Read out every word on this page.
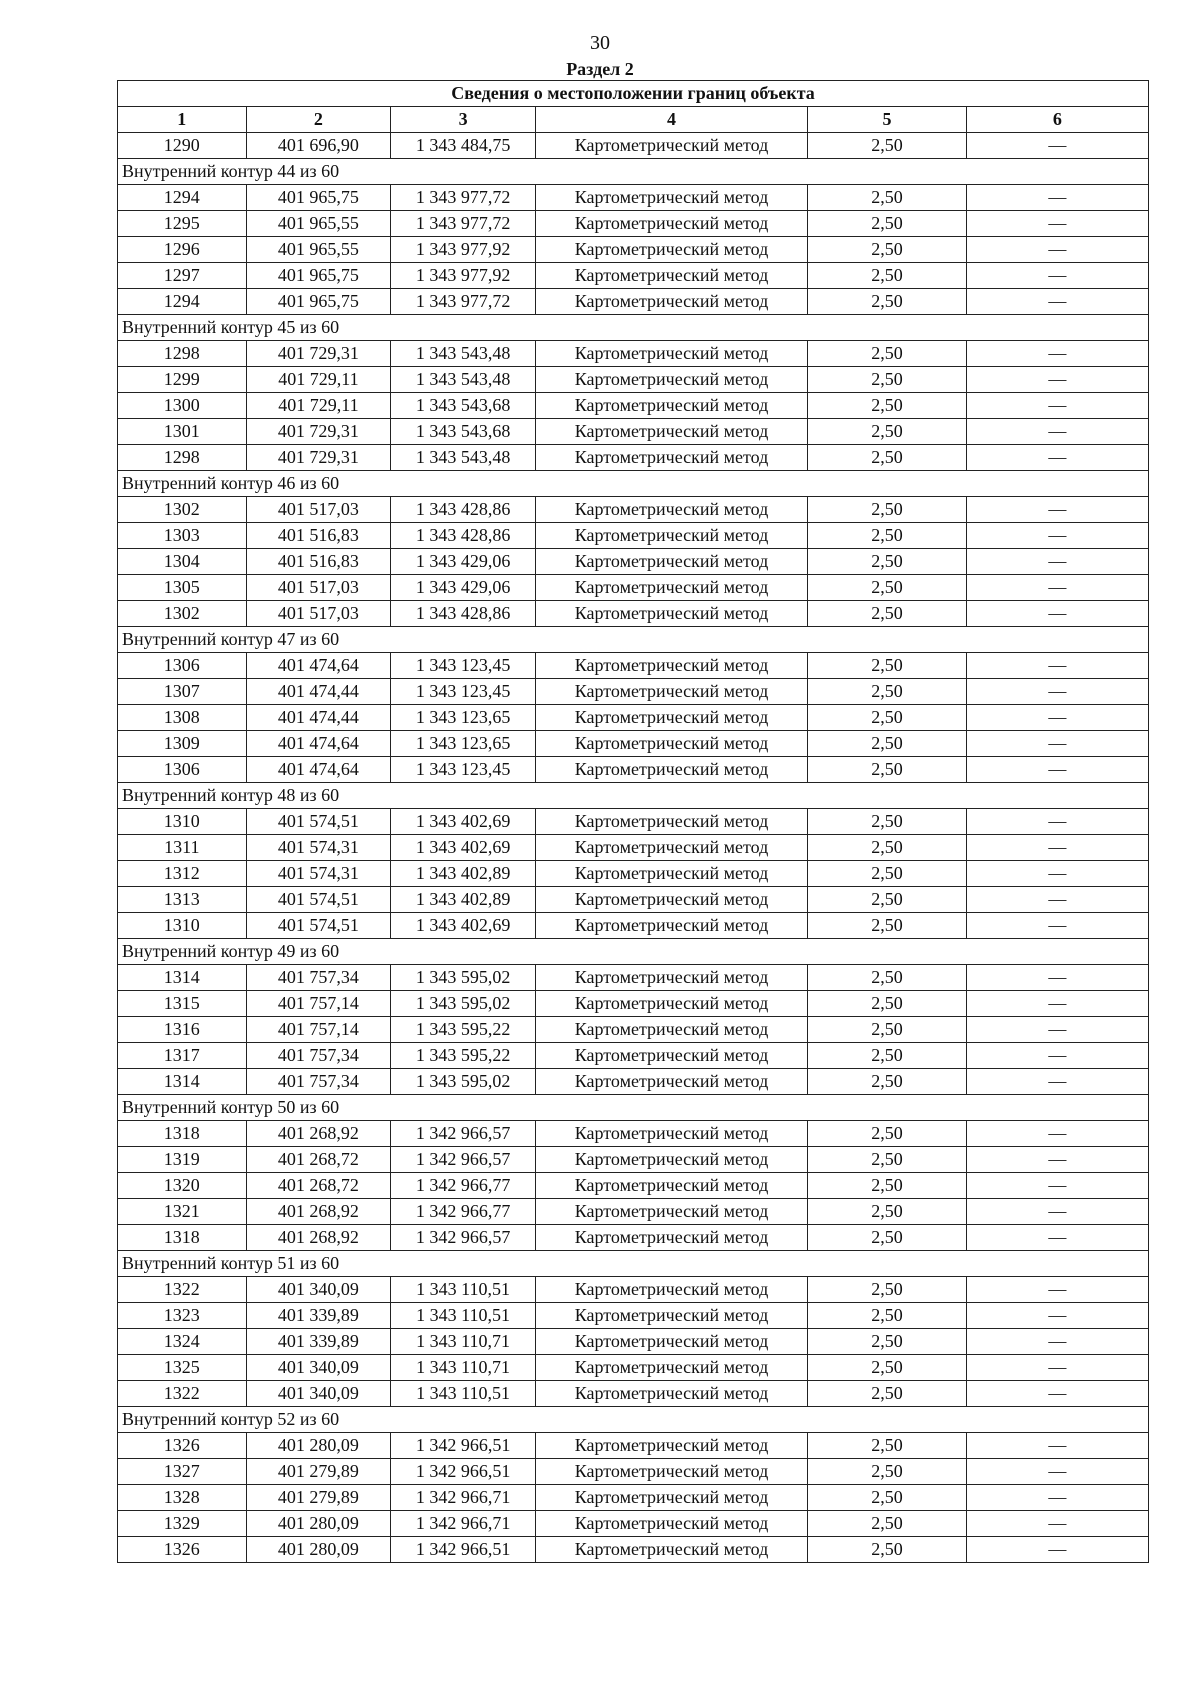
30
Раздел 2
Сведения о местоположении границ объекта					
1	2	3	4	5	6
1290	401 696,90	1 343 484,75	Картометрический метод	2,50	—
Внутренний контур 44 из 60					
1294	401 965,75	1 343 977,72	Картометрический метод	2,50	—
1295	401 965,55	1 343 977,72	Картометрический метод	2,50	—
1296	401 965,55	1 343 977,92	Картометрический метод	2,50	—
1297	401 965,75	1 343 977,92	Картометрический метод	2,50	—
1294	401 965,75	1 343 977,72	Картометрический метод	2,50	—
Внутренний контур 45 из 60					
1298	401 729,31	1 343 543,48	Картометрический метод	2,50	—
1299	401 729,11	1 343 543,48	Картометрический метод	2,50	—
1300	401 729,11	1 343 543,68	Картометрический метод	2,50	—
1301	401 729,31	1 343 543,68	Картометрический метод	2,50	—
1298	401 729,31	1 343 543,48	Картометрический метод	2,50	—
Внутренний контур 46 из 60					
1302	401 517,03	1 343 428,86	Картометрический метод	2,50	—
1303	401 516,83	1 343 428,86	Картометрический метод	2,50	—
1304	401 516,83	1 343 429,06	Картометрический метод	2,50	—
1305	401 517,03	1 343 429,06	Картометрический метод	2,50	—
1302	401 517,03	1 343 428,86	Картометрический метод	2,50	—
Внутренний контур 47 из 60					
1306	401 474,64	1 343 123,45	Картометрический метод	2,50	—
1307	401 474,44	1 343 123,45	Картометрический метод	2,50	—
1308	401 474,44	1 343 123,65	Картометрический метод	2,50	—
1309	401 474,64	1 343 123,65	Картометрический метод	2,50	—
1306	401 474,64	1 343 123,45	Картометрический метод	2,50	—
Внутренний контур 48 из 60					
1310	401 574,51	1 343 402,69	Картометрический метод	2,50	—
1311	401 574,31	1 343 402,69	Картометрический метод	2,50	—
1312	401 574,31	1 343 402,89	Картометрический метод	2,50	—
1313	401 574,51	1 343 402,89	Картометрический метод	2,50	—
1310	401 574,51	1 343 402,69	Картометрический метод	2,50	—
Внутренний контур 49 из 60					
1314	401 757,34	1 343 595,02	Картометрический метод	2,50	—
1315	401 757,14	1 343 595,02	Картометрический метод	2,50	—
1316	401 757,14	1 343 595,22	Картометрический метод	2,50	—
1317	401 757,34	1 343 595,22	Картометрический метод	2,50	—
1314	401 757,34	1 343 595,02	Картометрический метод	2,50	—
Внутренний контур 50 из 60					
1318	401 268,92	1 342 966,57	Картометрический метод	2,50	—
1319	401 268,72	1 342 966,57	Картометрический метод	2,50	—
1320	401 268,72	1 342 966,77	Картометрический метод	2,50	—
1321	401 268,92	1 342 966,77	Картометрический метод	2,50	—
1318	401 268,92	1 342 966,57	Картометрический метод	2,50	—
Внутренний контур 51 из 60					
1322	401 340,09	1 343 110,51	Картометрический метод	2,50	—
1323	401 339,89	1 343 110,51	Картометрический метод	2,50	—
1324	401 339,89	1 343 110,71	Картометрический метод	2,50	—
1325	401 340,09	1 343 110,71	Картометрический метод	2,50	—
1322	401 340,09	1 343 110,51	Картометрический метод	2,50	—
Внутренний контур 52 из 60					
1326	401 280,09	1 342 966,51	Картометрический метод	2,50	—
1327	401 279,89	1 342 966,51	Картометрический метод	2,50	—
1328	401 279,89	1 342 966,71	Картометрический метод	2,50	—
1329	401 280,09	1 342 966,71	Картометрический метод	2,50	—
1326	401 280,09	1 342 966,51	Картометрический метод	2,50	—
